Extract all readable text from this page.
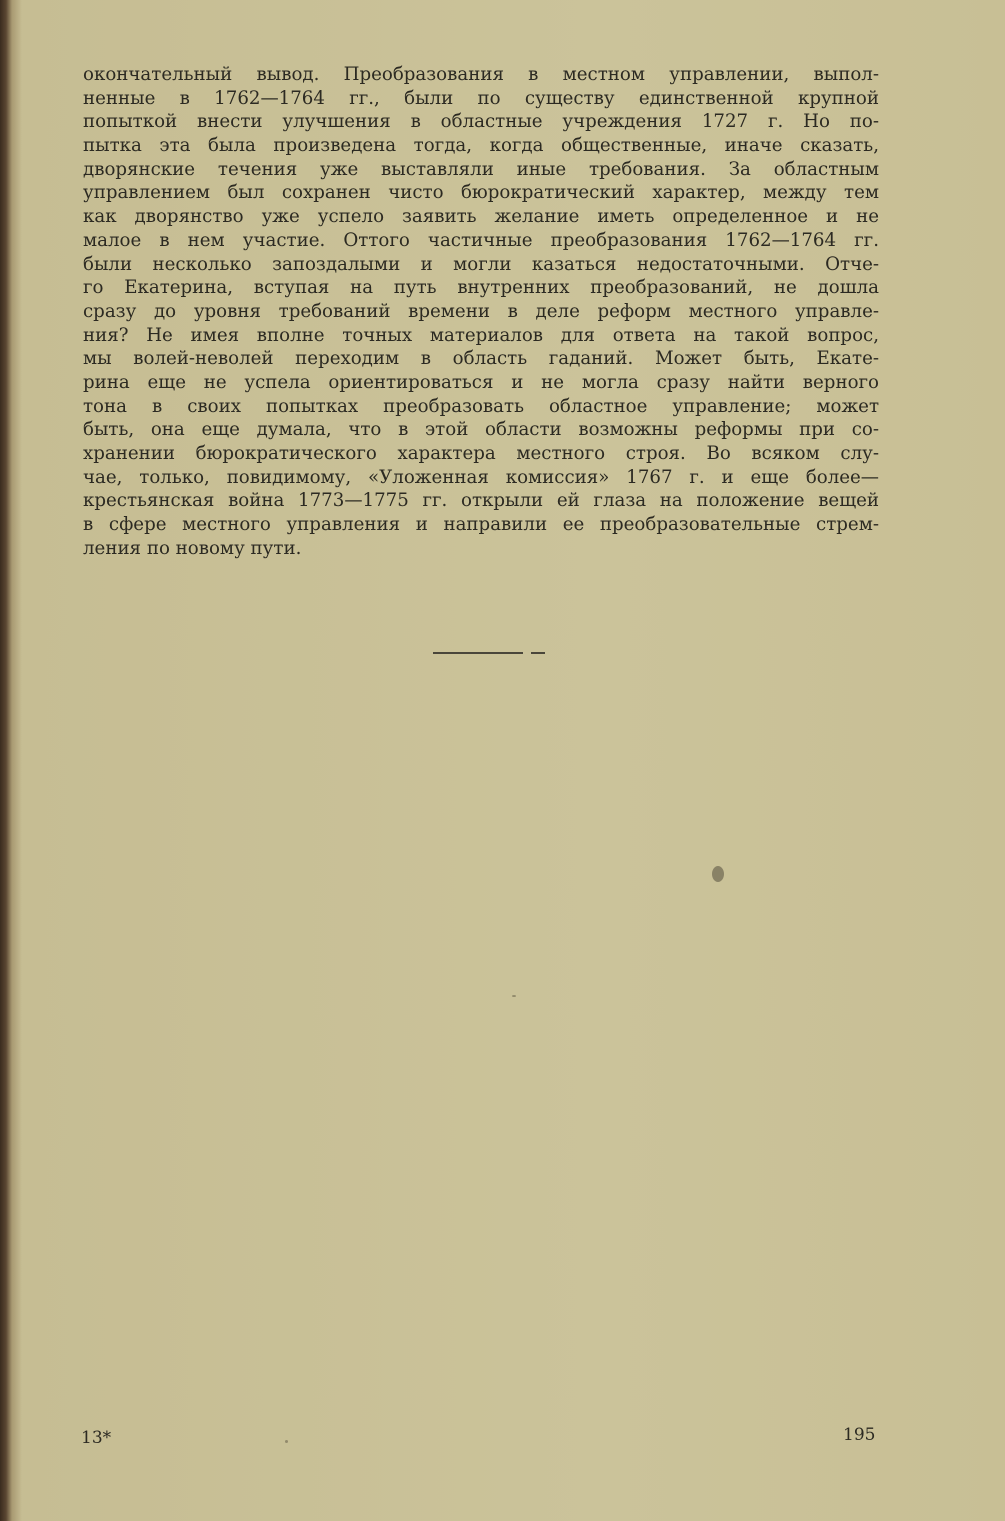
окончательный вывод. Преобразования в местном управлении, выпол-
ненные в 1762—1764 гг., были по существу единственной крупной
попыткой внести улучшения в областные учреждения 1727 г. Но по-
пытка эта была произведена тогда, когда общественные, иначе сказать,
дворянские течения уже выставляли иные требования. За областным
управлением был сохранен чисто бюрократический характер, между тем
как дворянство уже успело заявить желание иметь определенное и не
малое в нем участие. Оттого частичные преобразования 1762—1764 гг.
были несколько запоздалыми и могли казаться недостаточными. Отче-
го Екатерина, вступая на путь внутренних преобразований, не дошла
сразу до уровня требований времени в деле реформ местного управле-
ния? Не имея вполне точных материалов для ответа на такой вопрос,
мы волей-неволей переходим в область гаданий. Может быть, Екате-
рина еще не успела ориентироваться и не могла сразу найти верного
тона в своих попытках преобразовать областное управление; может
быть, она еще думала, что в этой области возможны реформы при со-
хранении бюрократического характера местного строя. Во всяком слу-
чае, только, повидимому, «Уложенная комиссия» 1767 г. и еще более—
крестьянская война 1773—1775 гг. открыли ей глаза на положение вещей
в сфере местного управления и направили ее преобразовательные стрем-
ления по новому пути.
13*	195
